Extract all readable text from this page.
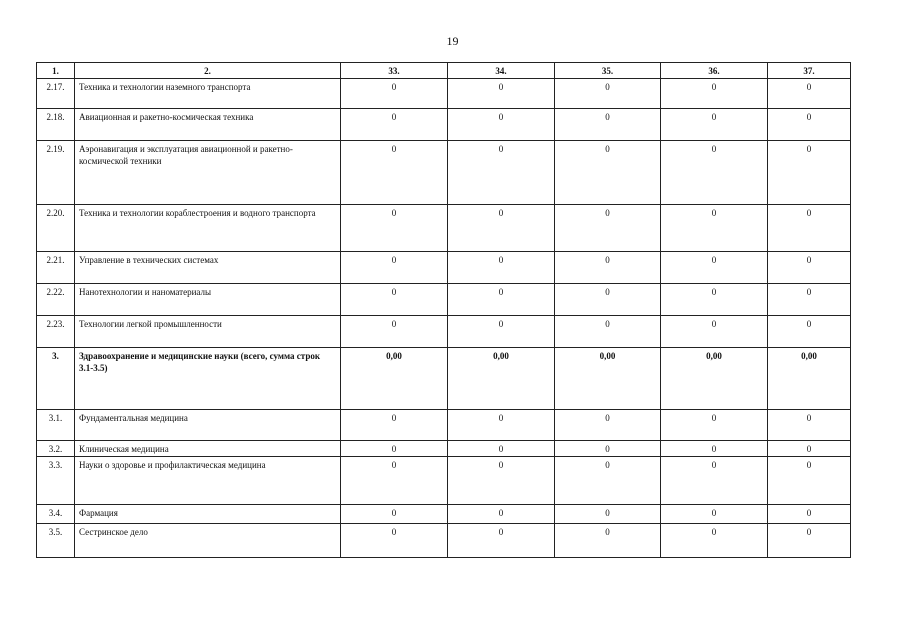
19
1.	2.	33.	34.	35.	36.	37.
2.17.	Техника и технологии наземного транспорта	0	0	0	0	0
2.18.	Авиационная и ракетно-космическая техника	0	0	0	0	0
2.19.	Аэронавигация и эксплуатация авиационной и ракетно-космической техники	0	0	0	0	0
2.20.	Техника и технологии кораблестроения и водного транспорта	0	0	0	0	0
2.21.	Управление в технических системах	0	0	0	0	0
2.22.	Нанотехнологии и наноматериалы	0	0	0	0	0
2.23.	Технологии легкой промышленности	0	0	0	0	0
3.	Здравоохранение и медицинские науки (всего, сумма строк 3.1-3.5)	0,00	0,00	0,00	0,00	0,00
3.1.	Фундаментальная медицина	0	0	0	0	0
3.2.	Клиническая медицина	0	0	0	0	0
3.3.	Науки о здоровье и профилактическая медицина	0	0	0	0	0
3.4.	Фармация	0	0	0	0	0
3.5.	Сестринское дело	0	0	0	0	0
